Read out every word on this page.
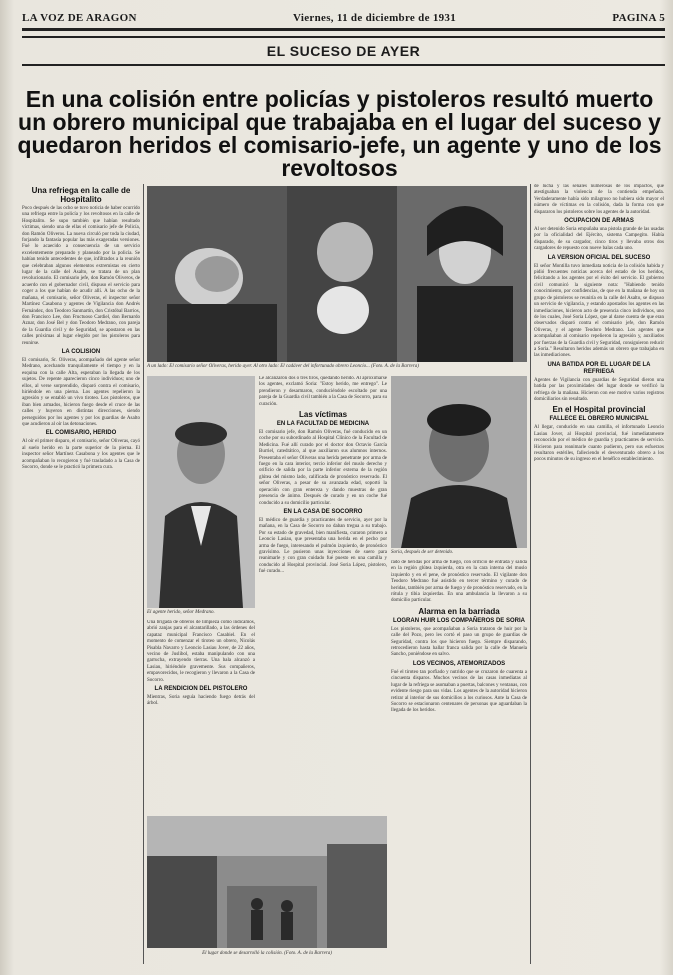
LA VOZ DE ARAGON	Viernes, 11 de diciembre de 1931	PAGINA 5
EL SUCESO DE AYER
En una colisión entre policías y pistoleros resultó muerto un obrero municipal que trabajaba en el lugar del suceso y quedaron heridos el comisario-jefe, un agente y uno de los revoltosos
Una refriega en la calle de Hospitalito
Poco después de las ocho se tuvo noticia de haber ocurrido una refriega entre la policía y los revoltosos en la calle de Hospitalito. Se supo también que habían resultado víctimas, siendo una de ellas el comisario jefe de Policía, don Ramón Oliveros. La nueva circuló por toda la ciudad, forjando la fantasía popular las más exageradas versiones. Fué lo acaecido a consecuencia de un servicio excelentemente preparado y planeado por la policía. Se habían tenido antecedentes de que, infiltrados a la reunión que celebraban algunos elementos extremistas en cierto lugar de la calle del Asalto, se tratara de un plan revolucionario. El comisario jefe, don Ramón Oliveros, de acuerdo con el gobernador civil, dispuso el servicio para coger a los que habían de acudir allí. A las ocho de la mañana, el comisario, señor Oliveras, el inspector señor Martínez Casabona y agentes de Vigilancia don Andrés Fernández, don Teodoro Sanmartín, don Cristóbal Barrios, don Francisco Lee, don Fructuoso Cardiel, don Bernardo Aznar, don José Bel y don Teodoro Medrano, con pareja de la Guardia civil y de Seguridad, se apostaron en las calles próximas al lugar elegido por los pistoleros para reunirse.
LA COLISION
El comisario, Sr. Oliveras, acompañado del agente señor Medrano, acechando tranquilamente el tiempo y en la esquina con la calle Alta, esperaban la llegada de los sujetos. De repente aparecieron cinco individuos; uno de ellos, al verse sorprendido, disparó contra el comisario, hiriéndole en una pierna. Los agentes repelieron la agresión y se entabló un vivo tiroteo. Los pistoleros, que iban bien armados, hicieron fuego desde el cruce de las calles y huyeron en distintas direcciones, siendo perseguidos por los agentes y por los guardias de Asalto que acudieron al oír las detonaciones.
EL COMISARIO, HERIDO
Al oír el primer disparo, el comisario, señor Oliveras, cayó al suelo herido en la parte superior de la pierna. El inspector señor Martínez Casabona y los agentes que le acompañaban lo recogieron y fué trasladado a la Casa de Socorro, donde se le practicó la primera cura.
A un lado: El comisario señor Oliveras, herido ayer. Al otro lado: El cadáver del infortunado obrero Leoncio... (Foto. A. de la Barrera)
El agente herido, señor Medrano.
Una brigada de obreros de limpieza como indicamos, abrió zanjas para el alcantarillado, a las órdenes del capataz municipal Francisco Casabiel. En el momento de comenzar el tiroteo un obrero, Nicolás Pisabla Navarro y Leoncio Lasiau Jover, de 22 años, vecino de Juslibol, estaba manipulando con una garrucha, extrayendo tierras. Una bala alcanzó a Lasiau, hiriéndole gravemente. Sus compañeros, empavorecidos, le recogieron y llevaron a la Casa de Socorro.
LA RENDICION DEL PISTOLERO
Mientras, Soria seguía haciendo fuego detrás del árbol.
Le alcanzaron dos o tres tiros, quedando herido. Al aproximarse los agentes, exclamó Soria: "Estoy herido, me entrego". Le prendieron y desarmaron, conduciéndole escoltado por una pareja de la Guardia civil también a la Casa de Socorro, para su curación.
Las víctimas
EN LA FACULTAD DE MEDICINA
El comisario jefe, don Ramón Oliveras, fué conducido en un coche por su subordinado al Hospital Clínico de la Facultad de Medicina. Fué allí curado por el doctor don Octavio García Burriel, catedrático, al que auxiliaron sus alumnos internos. Presentaba el señor Oliveras una herida penetrante por arma de fuego en la cara interior, tercio inferior del muslo derecho y orificio de salida por la parte inferior externa de la región glútea del mismo lado, calificada de pronóstico reservado. El señor Oliveras, a pesar de su avanzada edad, soportó la operación con gran entereza y dando muestras de gran presencia de ánimo. Después de curado y en un coche fué conducido a su domicilio particular.
EN LA CASA DE SOCORRO
El médico de guardia y practicantes de servicio, ayer por la mañana, en la Casa de Socorro no daban tregua a su trabajo. Por su estado de gravedad, bien manifiesta, curaron primero a Leoncio Lasiau, que presentaba una herida en el pecho por arma de fuego, interesando el pulmón izquierdo, de pronóstico gravísimo. Le pusieron unas inyecciones de suero para reanimarle y con gran cuidado fué puesto en una camilla y conducido al Hospital provincial. José Soria López, pistolero, fué curado...
Soria, después de ser detenido.
rado de heridas por arma de fuego, con orificio de entrada y salida en la región glútea izquierda, otra en la cara interna del muslo izquierdo y en el pene, de pronóstico reservado. El vigilante don Teodoro Medrano fué asistido en tercer término y curado de heridas, también por arma de fuego y de pronóstico reservado, en la rótula y tibia izquierdas. En una ambulancia la llevaron a su domicilio particular.
Alarma en la barriada
LOGRAN HUIR LOS COMPAÑEROS DE SORIA
Los pistoleros, que acompañaban a Soria trataron de huir por la calle del Pozo, pero les cortó el paso un grupo de guardias de Seguridad, contra los que hicieron fuego. Siempre disparando, retrocedieron hasta hallar franca salida por la calle de Manuela Sancho, poniéndose en salvo.
LOS VECINOS, ATEMORIZADOS
Fué el tiroteo tan porfiado y nutrido que se cruzaron de cuarenta a cincuenta disparos. Muchos vecinos de las casas inmediatas al lugar de la refriega se asomaban a puertas, balcones y ventanas, con evidente riesgo para sus vidas. Los agentes de la autoridad hicieron retirar al interior de sus domicilios a los curiosos. Ante la Casa de Socorro se estacionaron centenares de personas que aguardaban la llegada de los heridos.
El lugar donde se desarrolló la colisión. (Foto. A. de la Barrera)
de lucha y las señales numerosas de los impactos, que atestiguaban la violencia de la contienda empeñada. Verdaderamente había sido milagroso no hubiera sido mayor el número de víctimas en la colisión, dada la forma con que dispararon los pistoleros sobre los agentes de la autoridad.
OCUPACION DE ARMAS
Al ser detenido Soria empuñaba una pistola grande de las usadas por la oficialidad del Ejército, sistema Campegito. Había disparado, de su cargador, cinco tiros y llevaba otros dos cargadores de repuesto con nueve balas cada uno.
LA VERSION OFICIAL DEL SUCESO
El señor Montilla tuvo inmediata noticia de la colisión habida y pidió frecuentes noticias acerca del estado de los heridos, felicitando a los agentes por el éxito del servicio. El gobierno civil comunicó la siguiente nota: "Habiendo tenido conocimiento, por confidencias, de que en la mañana de hoy un grupo de pistoleros se reuniría en la calle del Asalto, se dispuso un servicio de vigilancia, y estando apostados los agentes en las inmediaciones, hicieron acto de presencia cinco individuos, uno de los cuales, José Soria López, que al darse cuenta de que eran observados disparó contra el comisario jefe, don Ramón Oliveras, y el agente Teodoro Medrano. Los agentes que acompañaban al comisario repelieron la agresión y, auxiliados por fuerzas de la Guardia civil y Seguridad, consiguieron reducir a Soria." Resultaron heridos además un obrero que trabajaba en las inmediaciones.
UNA BATIDA POR EL LUGAR DE LA REFRIEGA
Agentes de Vigilancia con guardias de Seguridad dieron una batida por las proximidades del lugar donde se verificó la refriega de la mañana. Hicieron con ese motivo varios registros domiciliarios sin resultado.
En el Hospital provincial
FALLECE EL OBRERO MUNICIPAL
Al llegar, conducido en una camilla, el infortunado Leoncio Lasiau Jover, al Hospital provincial, fué inmediatamente reconocido por el médico de guardia y practicantes de servicio. Hicieron para reanimarle cuanto pudieron, pero sus esfuerzos resultaron estériles, falleciendo el desventurado obrero a los pocos minutos de su ingreso en el benéfico establecimiento.
